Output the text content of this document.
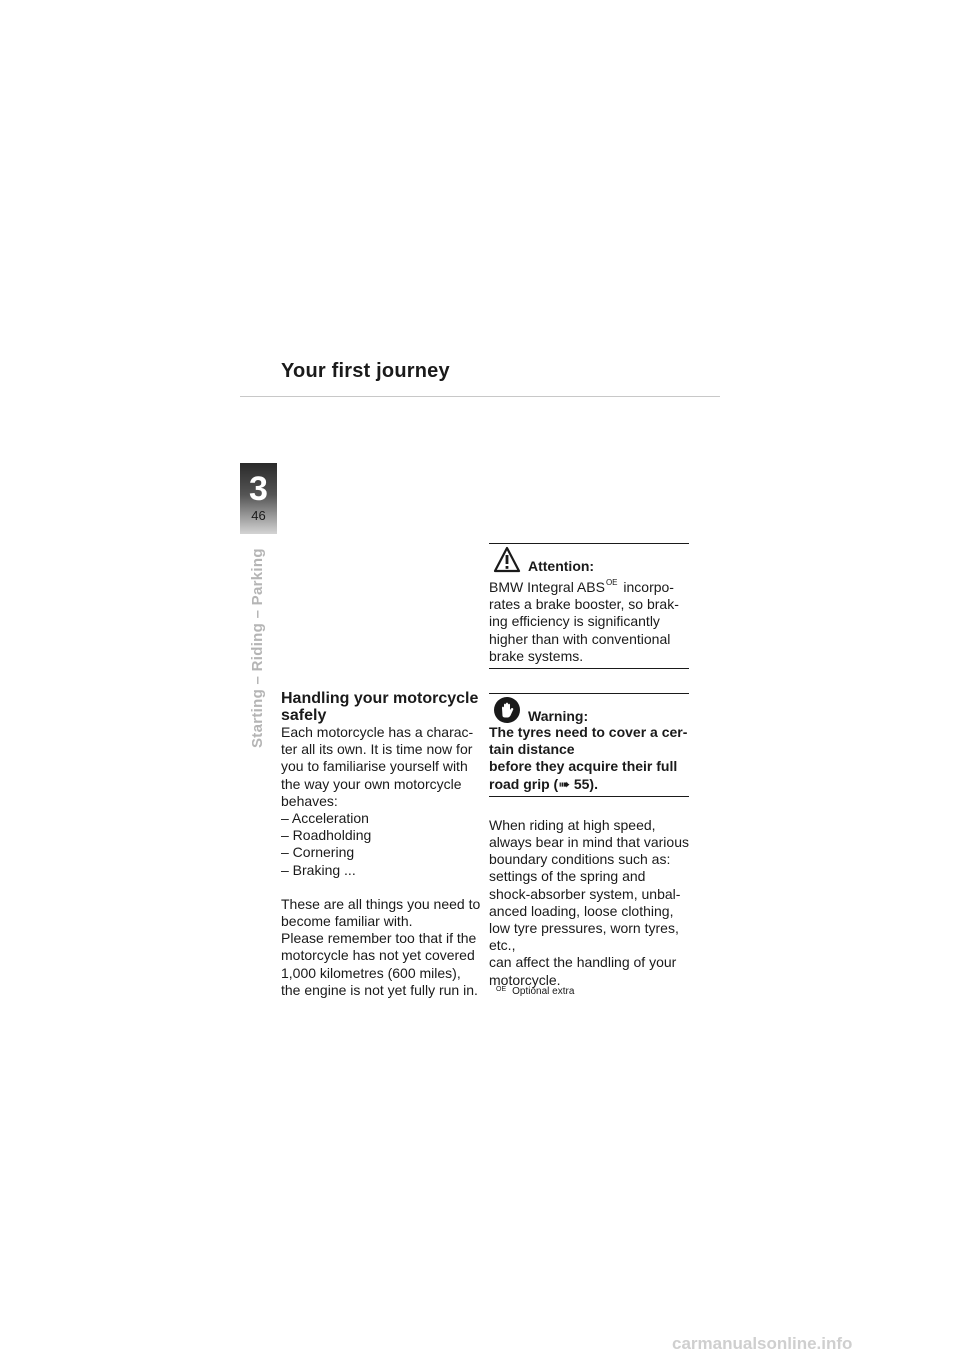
Your first journey
3
46
Starting – Riding – Parking Handling your motorcycle safely

Each motorcycle has a charac-ter all its own. It is time now for you to familiarise yourself with the way your own motorcycle behaves:

– Acceleration
– Roadholding
– Cornering
– Braking ...

These are all things you need to become familiar with.

Please remember too that if the motorcycle has not yet covered 1,000 kilometres (600 miles), the engine is not yet fully run in.

Attention:

BMW Integral $ABS^{OE}$ incorpo-rates a brake booster, so brak-ing efficiency is significantly higher than with conventional brake systems.

Warning:

The tyres need to cover a cer-tain distance

before they acquire their full road grip (➠ 55).

When riding at high speed, always bear in mind that various boundary conditions such as: settings of the spring and shock-absorber system, unbal-anced loading, loose clothing, low tyre pressures, worn tyres, etc.,

can affect the handling of your motorcycle.

$^{OE}$ Optional extra
carmanualsonline.info
